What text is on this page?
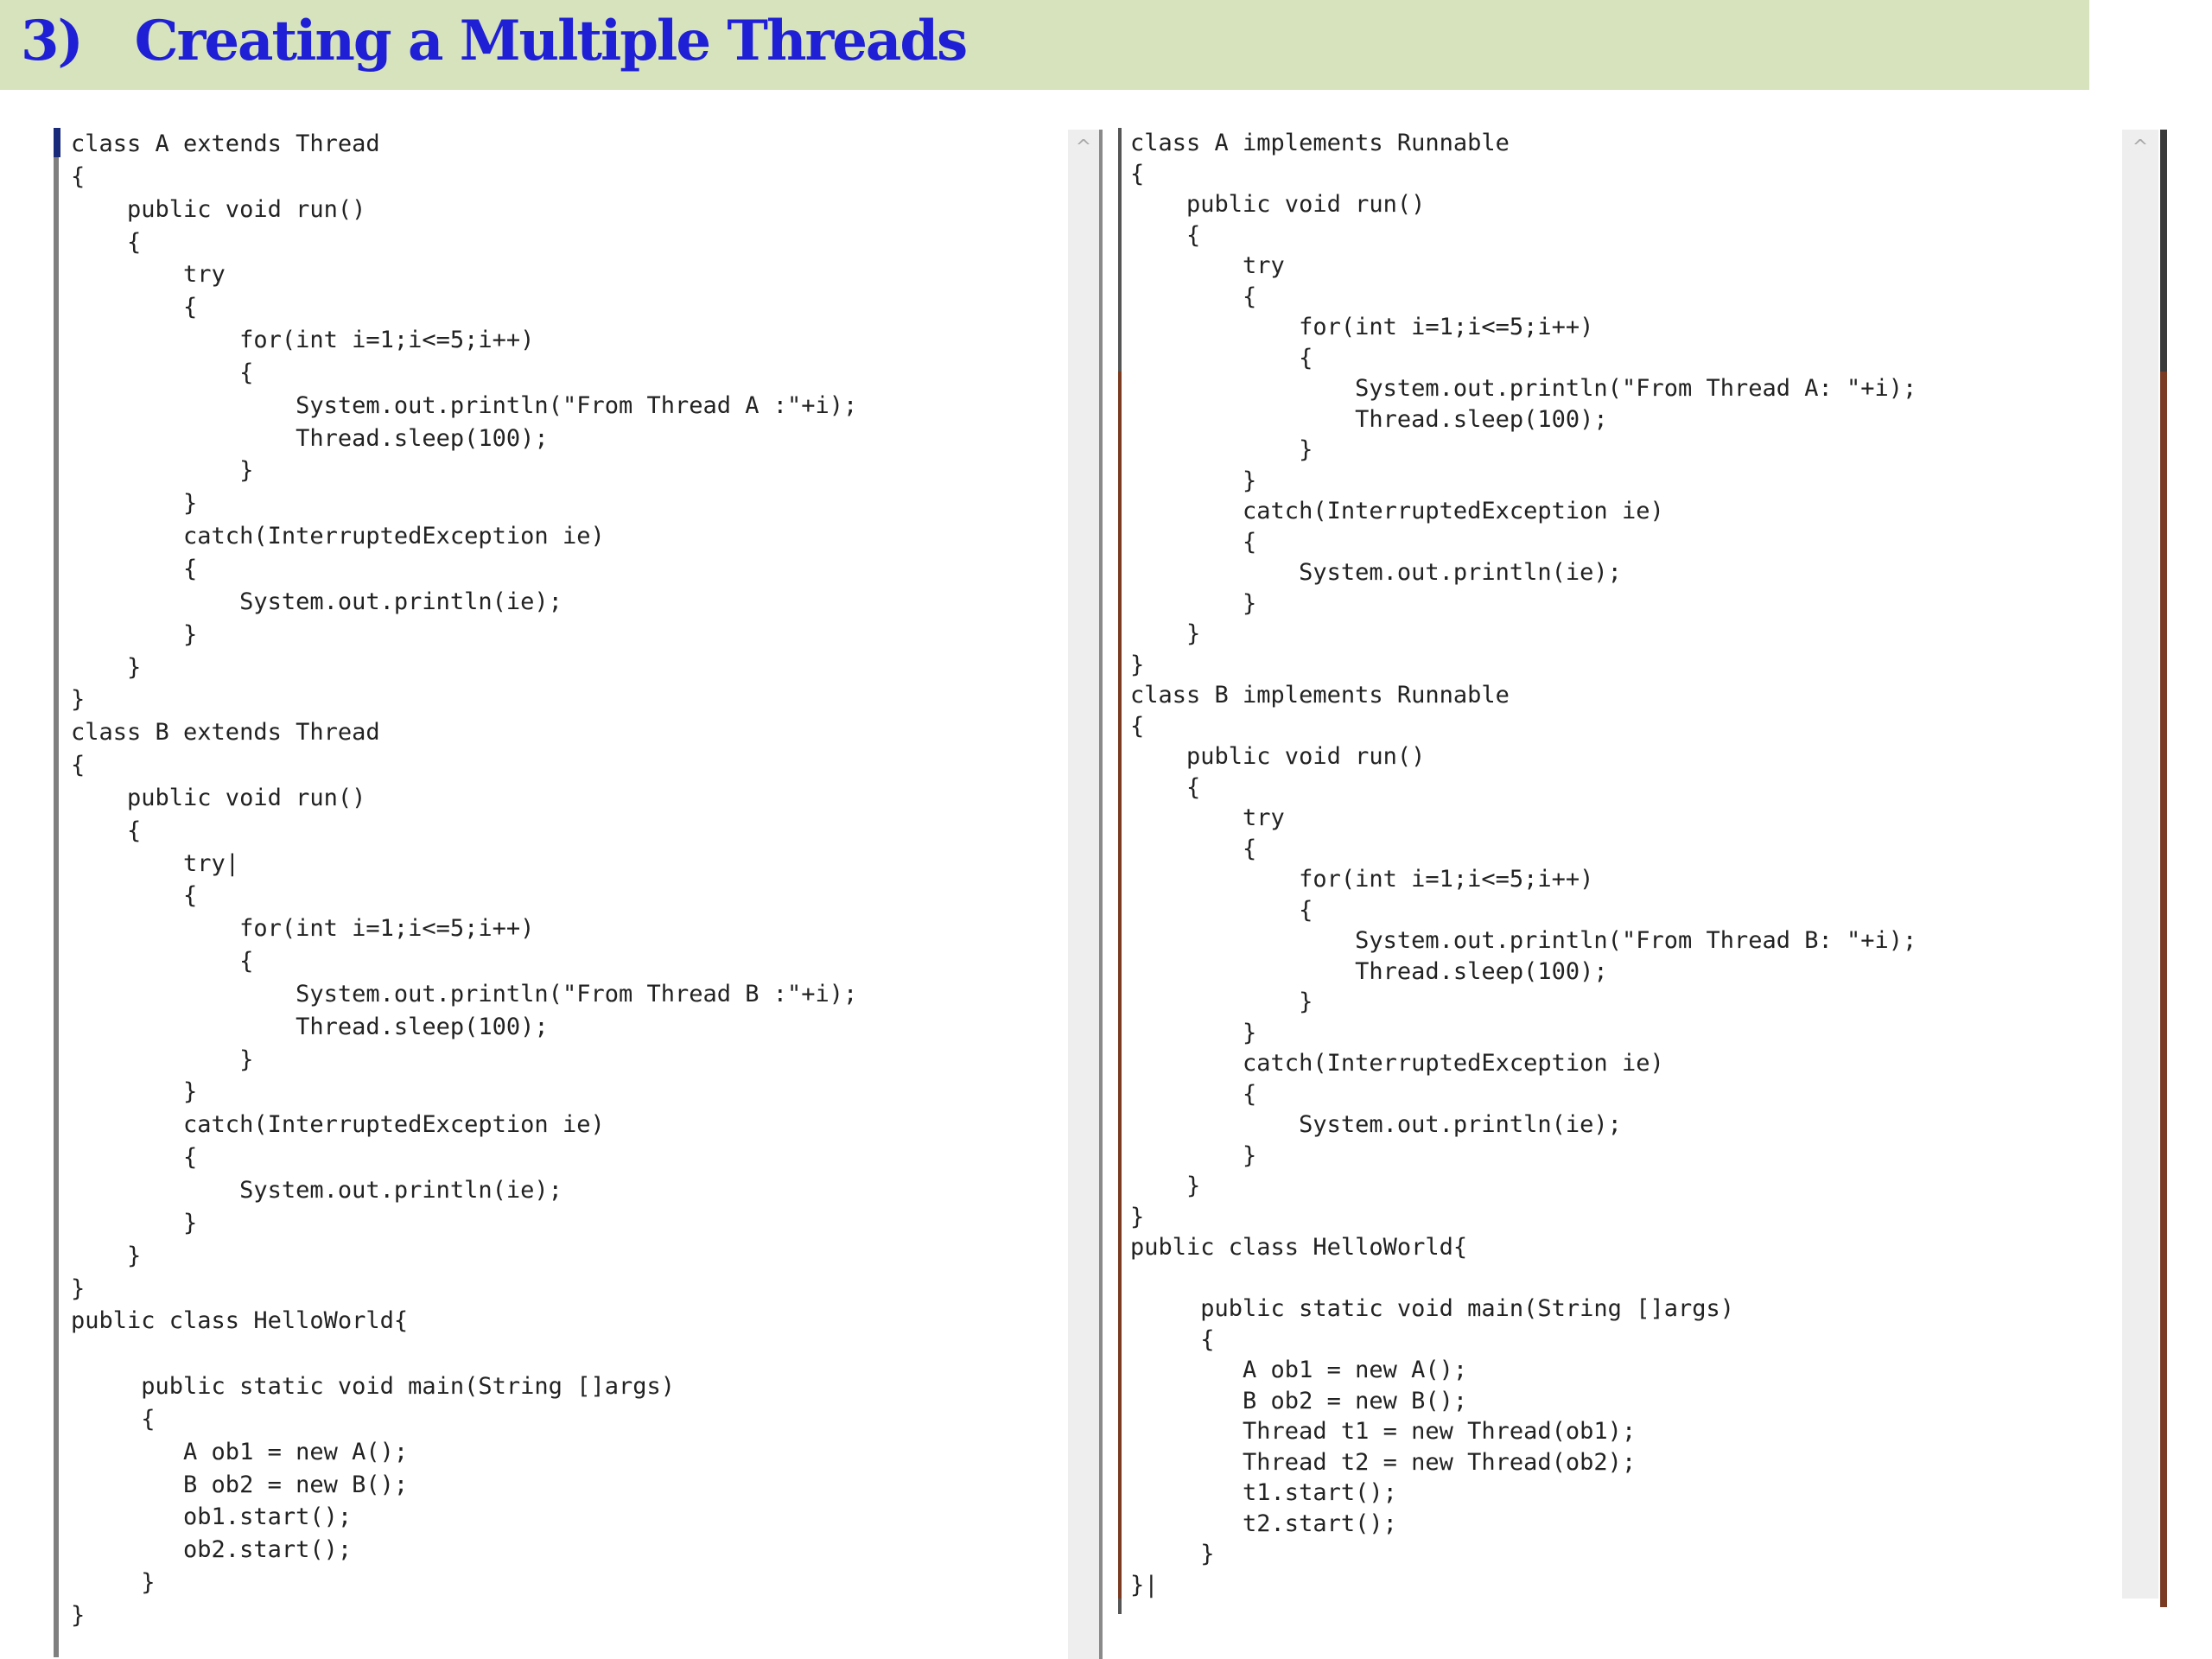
3)   Creating a Multiple Threads
class A extends Thread
{
public void run()
{
try
{
for(int i=1;i<=5;i++)
{
System.out.println("From Thread A :"+i);
Thread.sleep(100);
}
}
catch(InterruptedException ie)
{
System.out.println(ie);
}
}
}
class B extends Thread
{
public void run()
{
try|
{
for(int i=1;i<=5;i++)
{
System.out.println("From Thread B :"+i);
Thread.sleep(100);
}
}
catch(InterruptedException ie)
{
System.out.println(ie);
}
}
}
public class HelloWorld{

public static void main(String []args)
{
A ob1 = new A();
B ob2 = new B();
ob1.start();
ob2.start();
}
}
^	class A implements Runnable
{
public void run()
{
try
{
for(int i=1;i<=5;i++)
{
System.out.println("From Thread A: "+i);
Thread.sleep(100);
}
}
catch(InterruptedException ie)
{
System.out.println(ie);
}
}
}
class B implements Runnable
{
public void run()
{
try
{
for(int i=1;i<=5;i++)
{
System.out.println("From Thread B: "+i);
Thread.sleep(100);
}
}
catch(InterruptedException ie)
{
System.out.println(ie);
}
}
}
public class HelloWorld{

public static void main(String []args)
{
A ob1 = new A();
B ob2 = new B();
Thread t1 = new Thread(ob1);
Thread t2 = new Thread(ob2);
t1.start();
t2.start();
}
}|
^
